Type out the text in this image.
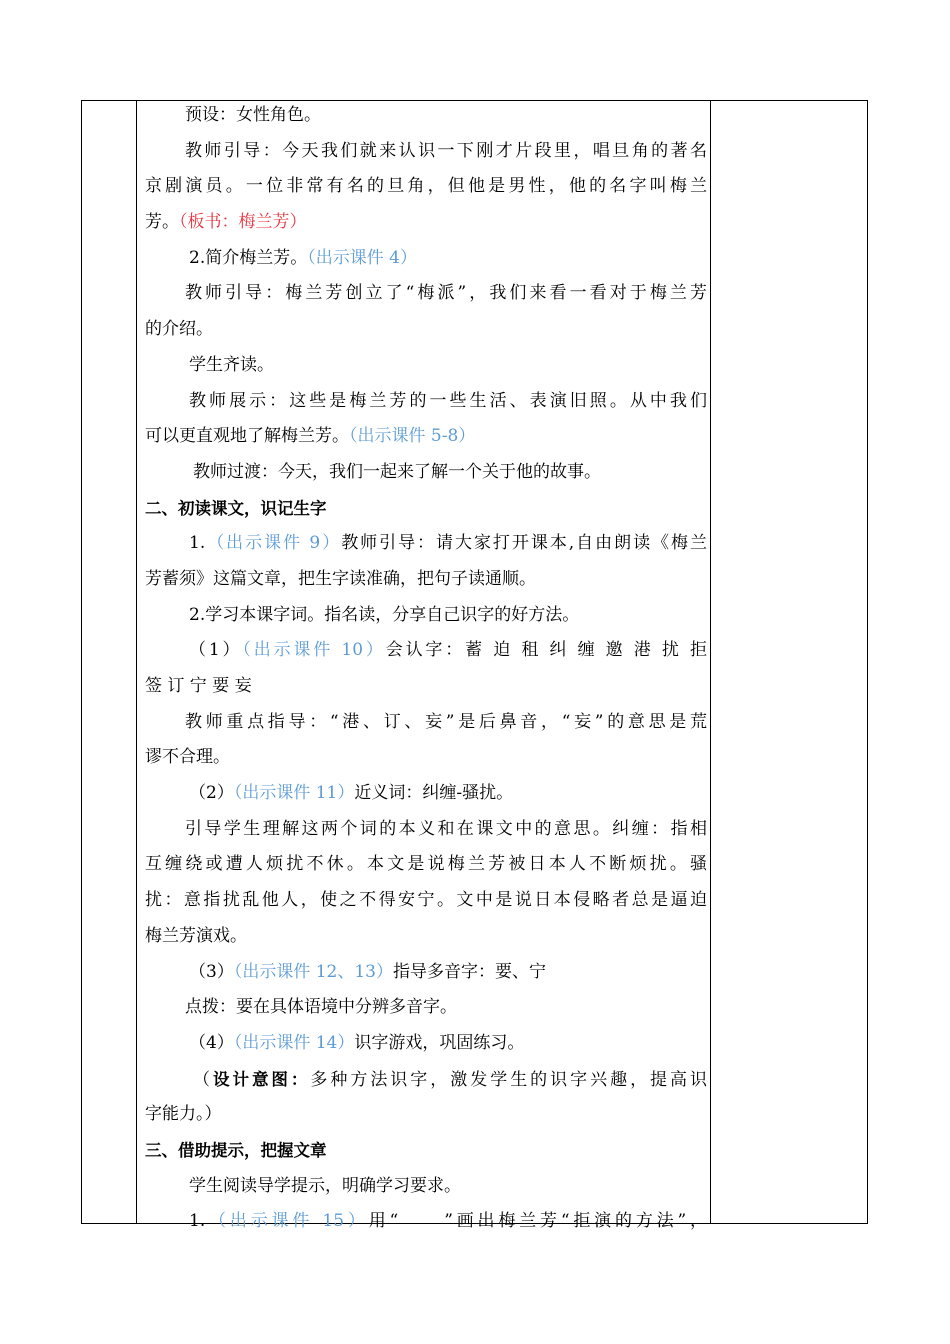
预设：女性角色。
教师引导：今天我们就来认识一下刚才片段里，唱旦角的著名
京剧演员。一位非常有名的旦角，但他是男性，他的名字叫梅兰
芳。（板书：梅兰芳）
2.简介梅兰芳。（出示课件 4）
教师引导：梅兰芳创立了“梅派”，我们来看一看对于梅兰芳
的介绍。
学生齐读。
教师展示：这些是梅兰芳的一些生活、表演旧照。从中我们
可以更直观地了解梅兰芳。（出示课件 5-8）
教师过渡：今天，我们一起来了解一个关于他的故事。
二、初读课文，识记生字
1.（出示课件 9）教师引导：请大家打开课本,自由朗读《梅兰
芳蓄须》这篇文章，把生字读准确，把句子读通顺。
2.学习本课字词。指名读，分享自己识字的好方法。
（1）（出示课件 10）会认字：蓄 迫 租 纠 缠 邀 港 扰 拒
签 订 宁 要 妄
教师重点指导：“港、订、妄”是后鼻音，“妄”的意思是荒
谬不合理。
（2）（出示课件 11）近义词：纠缠-骚扰。
引导学生理解这两个词的本义和在课文中的意思。纠缠：指相
互缠绕或遭人烦扰不休。本文是说梅兰芳被日本人不断烦扰。骚
扰：意指扰乱他人，使之不得安宁。文中是说日本侵略者总是逼迫
梅兰芳演戏。
（3）（出示课件 12、13）指导多音字：要、宁
点拨：要在具体语境中分辨多音字。
（4）（出示课件 14）识字游戏，巩固练习。
（设计意图：多种方法识字，激发学生的识字兴趣，提高识
字能力。）
三、借助提示，把握文章
学生阅读导学提示，明确学习要求。
1.（出示课件 15）用“	”画出梅兰芳“拒演的方法”，
